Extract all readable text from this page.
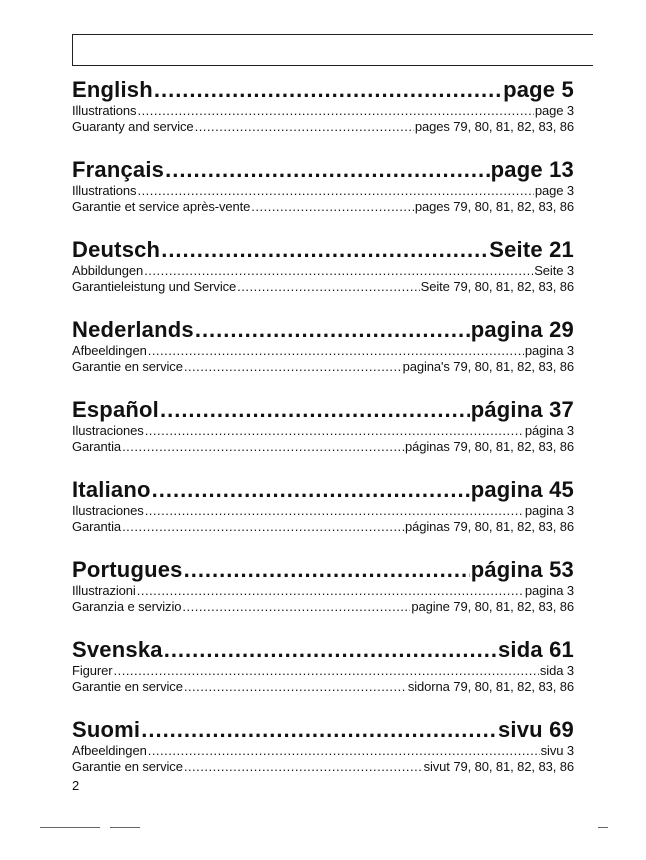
English .....	page 5
Illustrations .....	page 3
Guaranty and service .....	pages 79, 80, 81, 82, 83, 86
Français .....	page 13
Illustrations .....	page 3
Garantie et service après-vente .....	pages 79, 80, 81, 82, 83, 86
Deutsch .....	Seite 21
Abbildungen .....	Seite 3
Garantieleistung und Service .....	Seite 79, 80, 81, 82, 83, 86
Nederlands .....	pagina 29
Afbeeldingen .....	pagina 3
Garantie en service .....	pagina's 79, 80, 81, 82, 83, 86
Español .....	página 37
Ilustraciones .....	página 3
Garantia .....	páginas 79, 80, 81, 82, 83, 86
Italiano .....	pagina 45
Ilustraciones .....	pagina 3
Garantia .....	páginas 79, 80, 81, 82, 83, 86
Portugues .....	página 53
Illustrazioni .....	pagina 3
Garanzia e servizio .....	pagine 79, 80, 81, 82, 83, 86
Svenska .....	sida 61
Figurer .....	sida 3
Garantie en service .....	sidorna 79, 80, 81, 82, 83, 86
Suomi .....	sivu 69
Afbeeldingen .....	sivu 3
Garantie en service .....	sivut 79, 80, 81, 82, 83, 86
2
